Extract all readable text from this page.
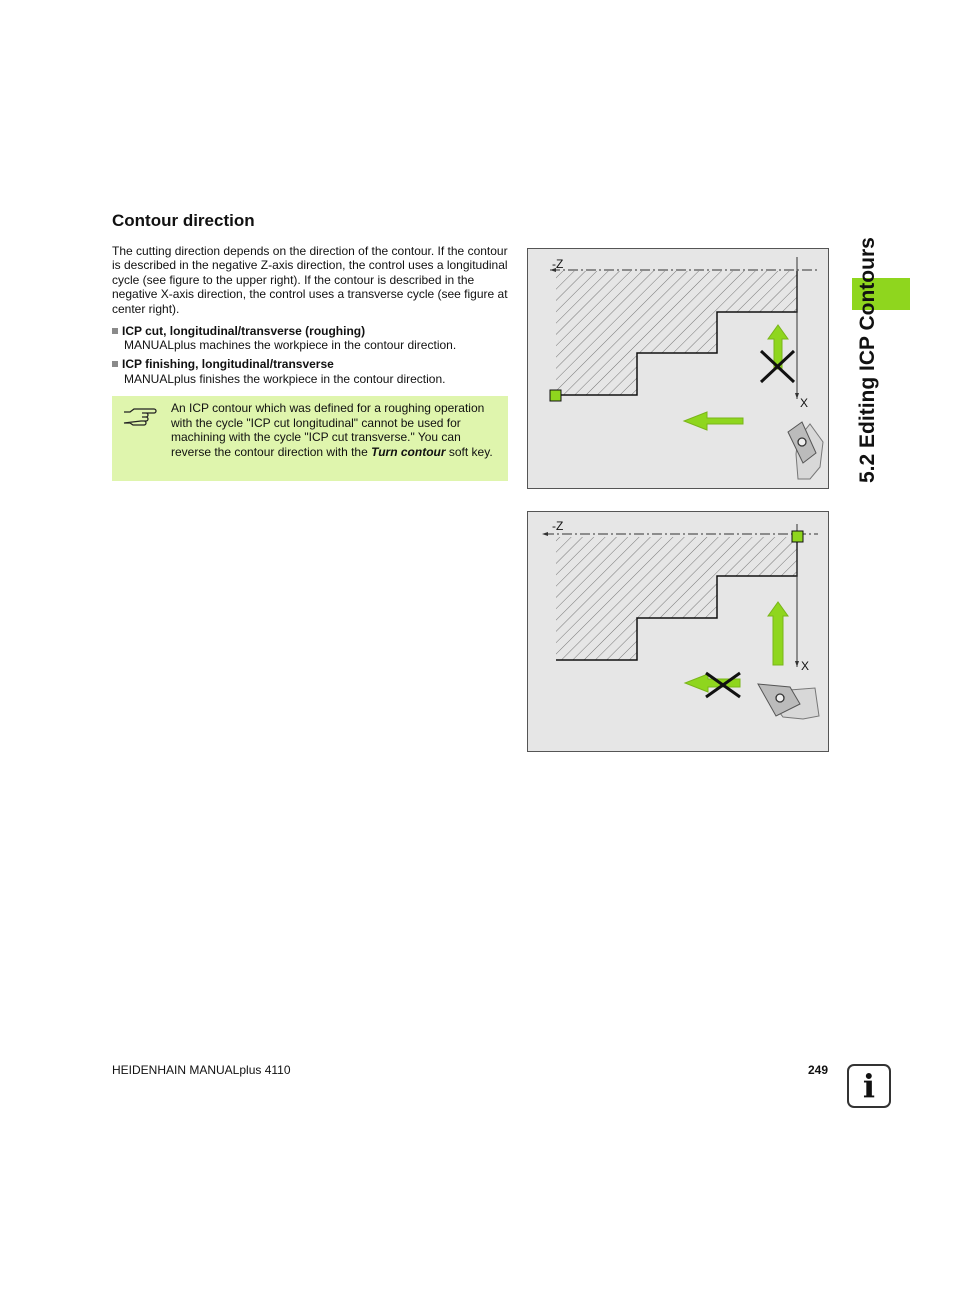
Contour direction

The cutting direction depends on the direction of the contour. If the contour is described in the negative Z-axis direction, the control uses a longitudinal cycle (see figure to the upper right). If the contour is described in the negative X-axis direction, the control uses a transverse cycle (see figure at center right).

ICP cut, longitudinal/transverse (roughing)
MANUALplus machines the workpiece in the contour direction.
ICP finishing, longitudinal/transverse
MANUALplus finishes the workpiece in the contour direction.
An ICP contour which was defined for a roughing operation with the cycle "ICP cut longitudinal" cannot be used for machining with the cycle "ICP cut transverse." You can reverse the contour direction with the Turn contour soft key.
-Z
X
-Z
X
5.2 Editing ICP Contours
HEIDENHAIN MANUALplus 4110	249	i
